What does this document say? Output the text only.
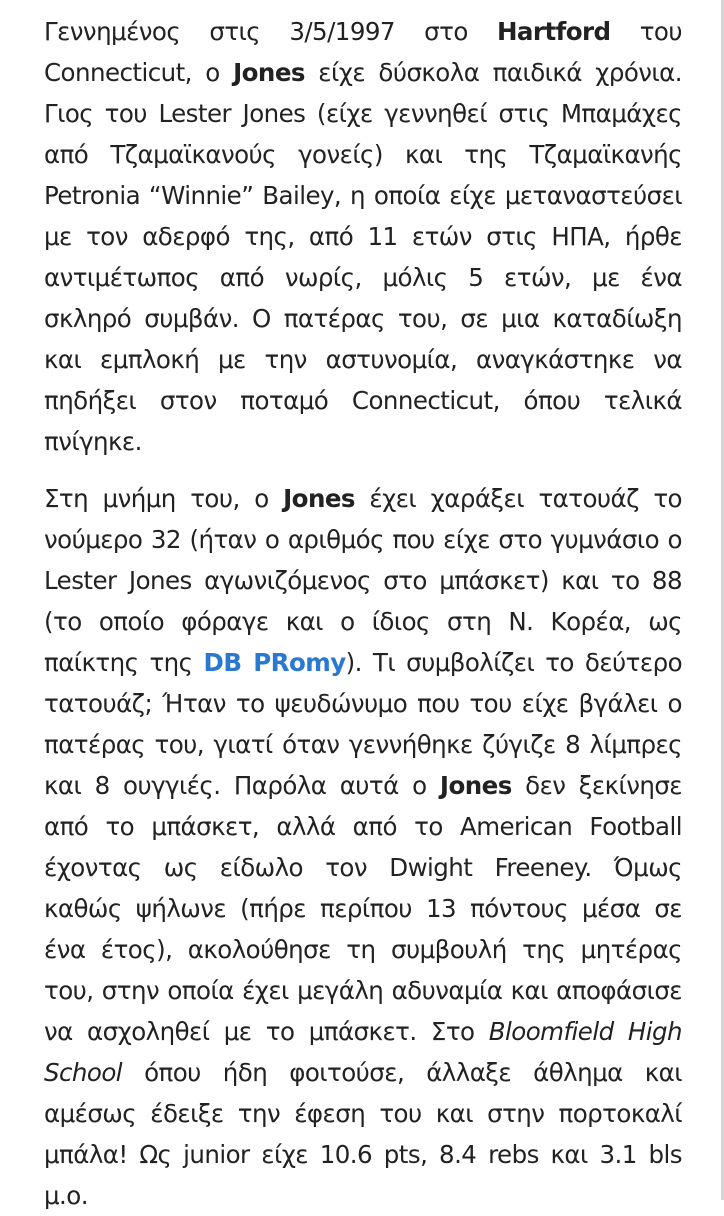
Γεννημένος στις 3/5/1997 στο Hartford του Connecticut, ο Jones είχε δύσκολα παιδικά χρόνια. Γιος του Lester Jones (είχε γεννηθεί στις Μπαμάχες από Τζαμαϊκανούς γονείς) και της Τζαμαϊκανής Petronia “Winnie” Bailey, η οποία είχε μεταναστεύσει με τον αδερφό της, από 11 ετών στις ΗΠΑ, ήρθε αντιμέτωπος από νωρίς, μόλις 5 ετών, με ένα σκληρό συμβάν. Ο πατέρας του, σε μια καταδίωξη και εμπλοκή με την αστυνομία, αναγκάστηκε να πηδήξει στον ποταμό Connecticut, όπου τελικά πνίγηκε.

Στη μνήμη του, ο Jones έχει χαράξει τατουάζ το νούμερο 32 (ήταν ο αριθμός που είχε στο γυμνάσιο ο Lester Jones αγωνιζόμενος στο μπάσκετ) και το 88 (το οποίο φόραγε και ο ίδιος στη Ν. Κορέα, ως παίκτης της DB PRomy). Τι συμβολίζει το δεύτερο τατουάζ; Ήταν το ψευδώνυμο που του είχε βγάλει ο πατέρας του, γιατί όταν γεννήθηκε ζύγιζε 8 λίμπρες και 8 ουγγιές. Παρόλα αυτά ο Jones δεν ξεκίνησε από το μπάσκετ, αλλά από το American Football έχοντας ως είδωλο τον Dwight Freeney. Όμως καθώς ψήλωνε (πήρε περίπου 13 πόντους μέσα σε ένα έτος), ακολούθησε τη συμβουλή της μητέρας του, στην οποία έχει μεγάλη αδυναμία και αποφάσισε να ασχοληθεί με το μπάσκετ. Στο Bloomfield High School όπου ήδη φοιτούσε, άλλαξε άθλημα και αμέσως έδειξε την έφεση του και στην πορτοκαλί μπάλα! Ως junior είχε 10.6 pts, 8.4 rebs και 3.1 bls μ.ο.
